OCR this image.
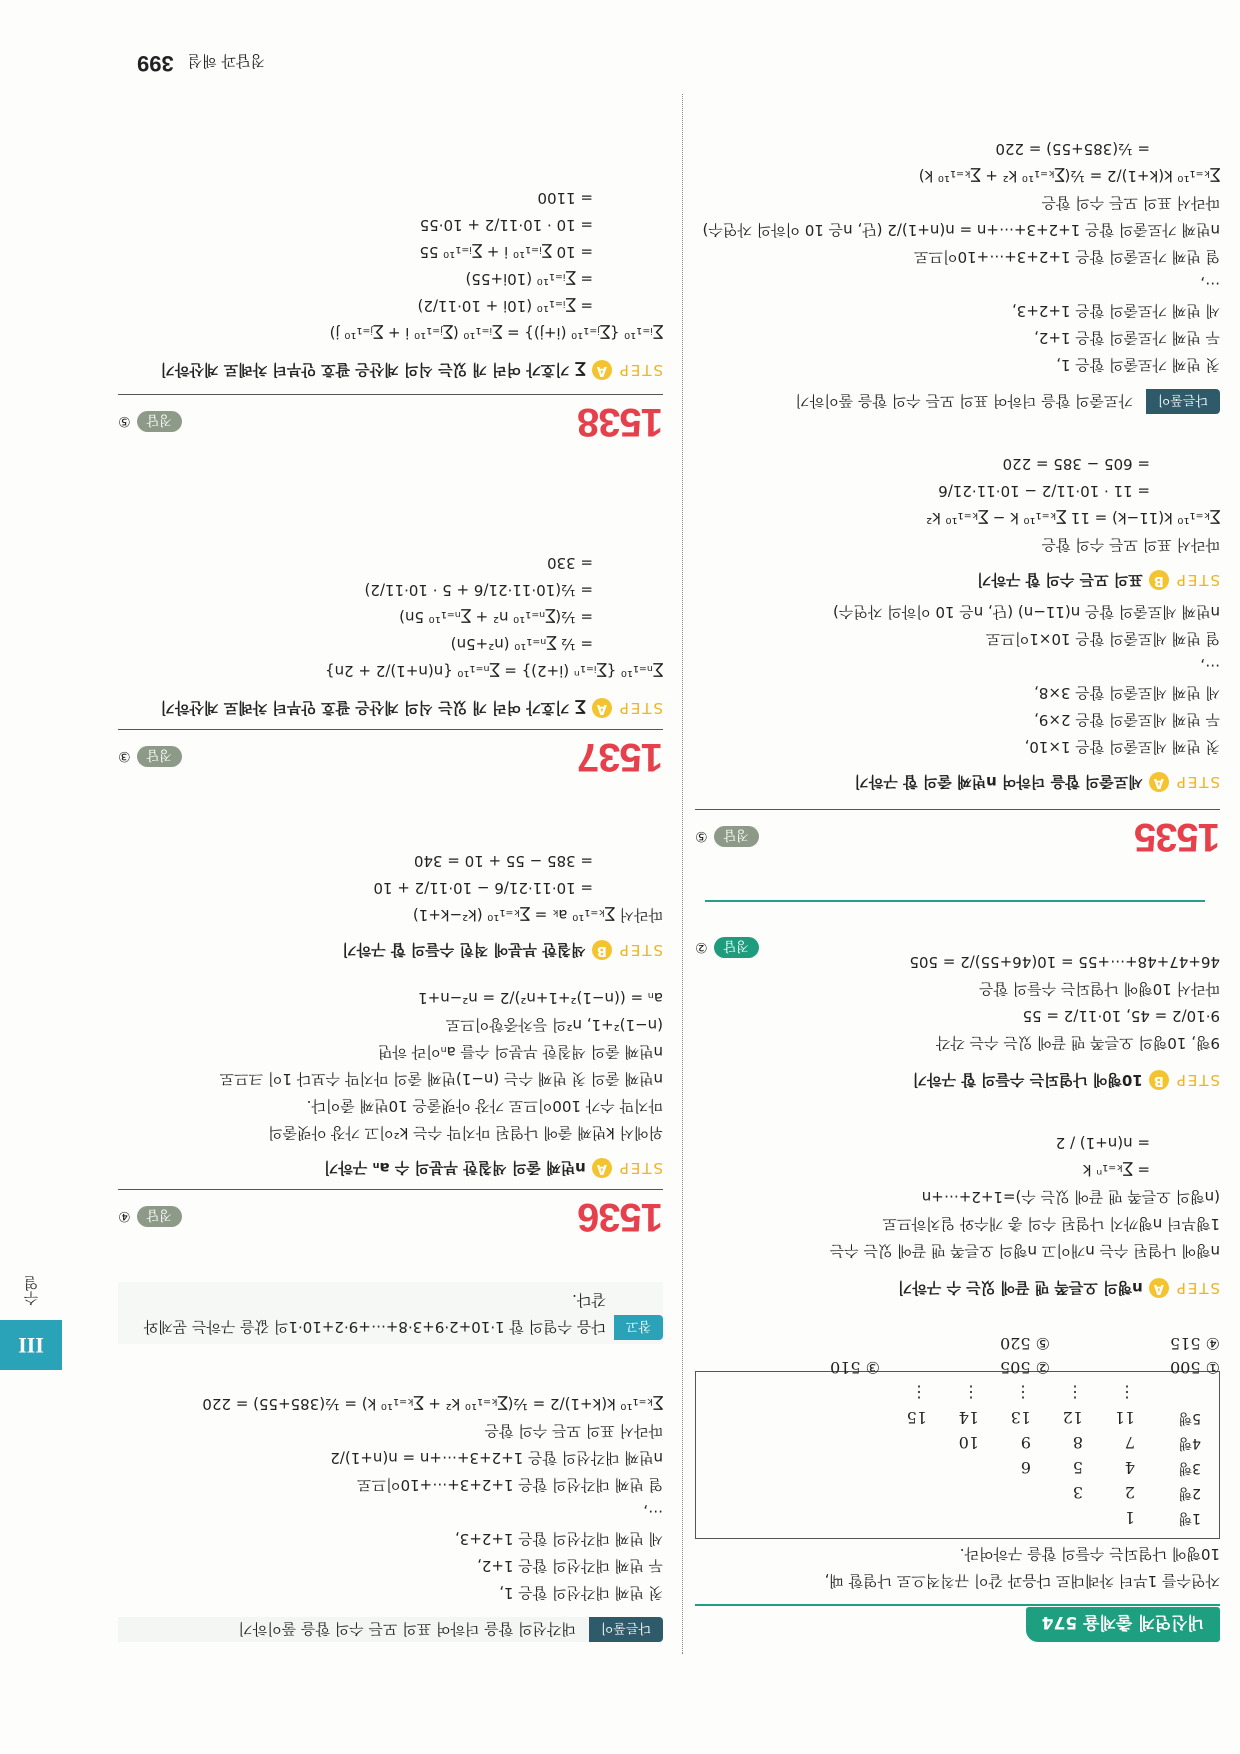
내신연계 출제율 574
자연수를 1부터 차례대로 다음과 같이 규칙적으로 나열할 때,
10행에 나열되는 수들의 합을 구하여라.
1행
1
2행
2
3
3행
4
5
6
4행
7
8
9
10
5행
11
12
13
14
15
⋮
⋮
⋮
⋮
⋮
① 500
② 505
③ 510
④ 515
⑤ 520
STEP
A
n행의 오른쪽 맨 끝에 있는 수 구하기
n행에 나열된 수는 n개이고 n행의 오른쪽 맨 끝에 있는 수는
1행부터 n행까지 나열된 수의 총 개수와 일치하므로
(n행의 오른쪽 맨 끝에 있는 수)=1+2+⋯+n
= ∑ₖ₌₁ⁿ k
= n(n+1) / 2
STEP
B
10행에 나열되는 수들의 합 구하기
9행, 10행의 오른쪽 맨 끝에 있는 수는 각각
9·10/2 = 45, 10·11/2 = 55
따라서 10행에 나열되는 수들의 합은
46+47+48+⋯+55 = 10(46+55)/2 = 505
정답
②
1535
정답
⑤
STEP
A
세로줄의 합을 더하여 n번째 줄의 합 구하기
첫 번째 세로줄의 합은 1×10,
두 번째 세로줄의 합은 2×9,
세 번째 세로줄의 합은 3×8,
⋯,
열 번째 세로줄의 합은 10×1이므로
n번째 세로줄의 합은 n(11−n) (단, n은 10 이하의 자연수)
STEP
B
표의 모든 수의 합 구하기
따라서 표의 모든 수의 합은
∑ₖ₌₁¹⁰ k(11−k) = 11 ∑ₖ₌₁¹⁰ k − ∑ₖ₌₁¹⁰ k²
= 11 · 10·11/2 − 10·11·21/6
= 605 − 385 = 220
다른풀이 가로줄의 합을 더하여 표의 모든 수의 합을 풀이하기
첫 번째 가로줄의 합은 1,
두 번째 가로줄의 합은 1+2,
세 번째 가로줄의 합은 1+2+3,
⋯,
열 번째 가로줄의 합은 1+2+3+⋯+10이므로
n번째 가로줄의 합은 1+2+3+⋯+n = n(n+1)/2 (단, n은 10 이하의 자연수)
따라서 표의 모든 수의 합은
∑ₖ₌₁¹⁰ k(k+1)/2 = ½(∑ₖ₌₁¹⁰ k² + ∑ₖ₌₁¹⁰ k)
= ½(385+55) = 220
다른풀이 대각선의 합을 더하여 표의 모든 수의 합을 풀이하기
첫 번째 대각선의 합은 1,
두 번째 대각선의 합은 1+2,
세 번째 대각선의 합은 1+2+3,
⋯,
열 번째 대각선의 합은 1+2+3+⋯+10이므로
n번째 대각선의 합은 1+2+3+⋯+n = n(n+1)/2
따라서 표의 모든 수의 합은
∑ₖ₌₁¹⁰ k(k+1)/2 = ½(∑ₖ₌₁¹⁰ k² + ∑ₖ₌₁¹⁰ k) = ½(385+55) = 220
참고
다음 수열의 합 1·10+2·9+3·8+⋯+9·2+10·1의 값을 구하는 문제와
같다.
1536
정답
④
STEP
A
n번째 줄의 색칠한 부분의 수 aₙ 구하기
위에서 k번째 줄에 나열된 마지막 수는 k²이고 가장 아랫줄의
마지막 수가 100이므로 가장 아랫줄은 10번째 줄이다.
n번째 줄의 첫 번째 수는 (n−1)번째 줄의 마지막 수보다 1이 크므로
n번째 줄의 색칠한 부분의 수를 aₙ이라 하면
(n−1)²+1, n²의 등차중항이므로
aₙ = ((n−1)²+1+n²)/2 = n²−n+1
STEP
B
색칠한 부분에 적힌 수들의 합 구하기
따라서 ∑ₖ₌₁¹⁰ aₖ = ∑ₖ₌₁¹⁰ (k²−k+1)
= 10·11·21/6 − 10·11/2 + 10
= 385 − 55 + 10 = 340
1537
정답
③
STEP
A
∑ 기호가 여러 개 있는 식의 계산은 괄호 안부터 차례로 계산하기
∑ₙ₌₁¹⁰ {∑ᵢ₌₁ⁿ (i+2)} = ∑ₙ₌₁¹⁰ {n(n+1)/2 + 2n}
= ½ ∑ₙ₌₁¹⁰ (n²+5n)
= ½(∑ₙ₌₁¹⁰ n² + ∑ₙ₌₁¹⁰ 5n)
= ½(10·11·21/6 + 5 · 10·11/2)
= 330
1538
정답
⑤
STEP
A
∑ 기호가 여러 개 있는 식의 계산은 괄호 안부터 차례로 계산하기
∑ᵢ₌₁¹⁰ {∑ⱼ₌₁¹⁰ (i+j)} = ∑ᵢ₌₁¹⁰ (∑ⱼ₌₁¹⁰ i + ∑ⱼ₌₁¹⁰ j)
= ∑ᵢ₌₁¹⁰ (10i + 10·11/2)
= ∑ᵢ₌₁¹⁰ (10i+55)
= 10 ∑ᵢ₌₁¹⁰ i + ∑ᵢ₌₁¹⁰ 55
= 10 · 10·11/2 + 10·55
= 1100
III
수열
정답과 해설
399
